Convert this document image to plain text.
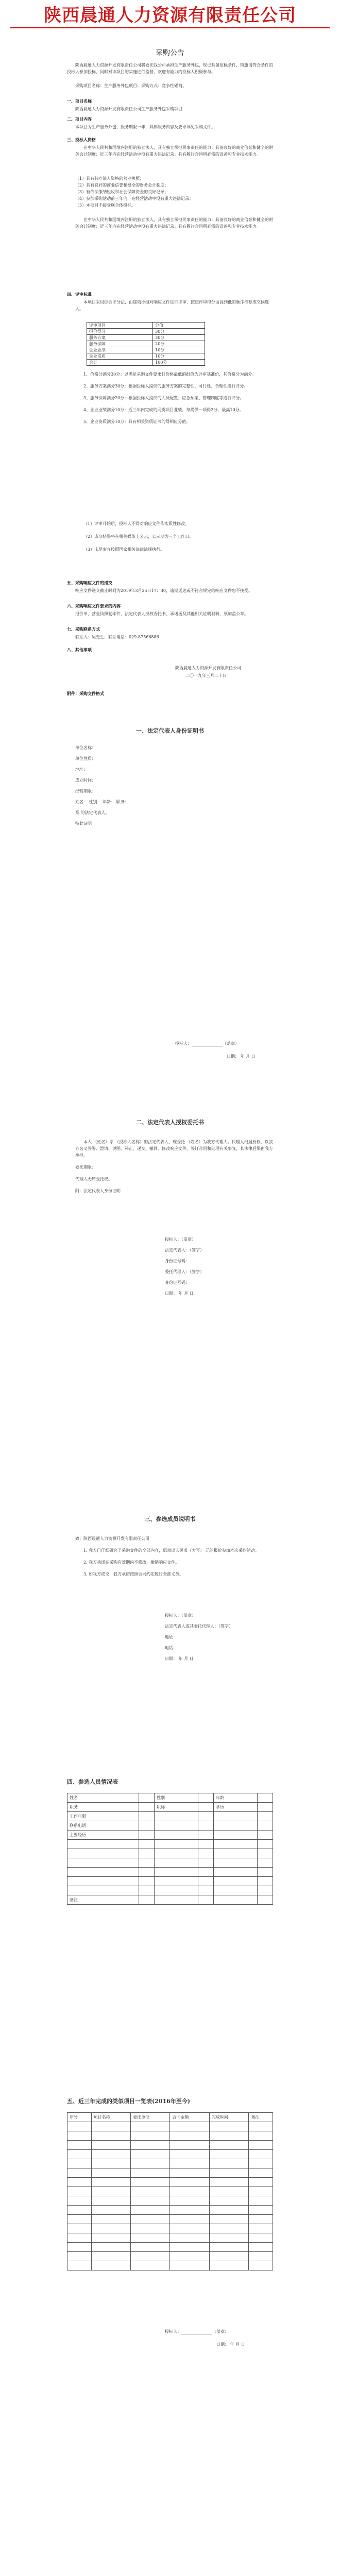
陕西晨通人力资源有限责任公司
采购公告
陕西晨通人力资源开发有限责任公司将委托我公司承担生产服务外包，现已具备招标条件，特邀请符合条件的投标人参加投标，同时对该项目的实施进行监督，欢迎有能力的投标人积极参与。
采购项目名称：生产服务外包项目；采购方式：竞争性磋商。
一、项目名称
陕西晨通人力资源开发有限责任公司生产服务外包采购项目
二、项目内容
本项目为生产服务外包，服务期限一年，具体服务内容及要求详见采购文件。
三、投标人资格
在中华人民共和国境内注册的独立法人，具有独立承担民事责任的能力；具备良好的商业信誉和健全的财务会计制度；近三年内在经营活动中没有重大违法记录；具有履行合同所必需的设备和专业技术能力。
（1）具有独立法人资格的营业执照；
（2）具有良好的商业信誉和健全的财务会计制度；
（3）有依法缴纳税收和社会保障资金的良好记录；
（4）参加采购活动前三年内，在经营活动中没有重大违法记录；
（5）本项目不接受联合体投标。
在中华人民共和国境内注册的独立法人，具有独立承担民事责任的能力；具备良好的商业信誉和健全的财务会计制度；近三年内在经营活动中没有重大违法记录；具有履行合同所必需的设备和专业技术能力。
四、评审标准
本项目采用综合评分法，由磋商小组对响应文件进行评审，按照评审得分由高到低的顺序推荐成交候选人。
评审项目	分值
报价得分	30分
服务方案	30分
服务保障	20分
企业业绩	10分
企业资质	10分
合计	100分
1、价格分满分30分：以满足采购文件要求且价格最低的报价为评审基准价，其价格分为满分。
2、服务方案满分30分：根据投标人提供的服务方案的完整性、可行性、合理性进行评分。
3、服务保障满分20分：根据投标人提供的人员配置、应急预案、管理制度等进行评分。
4、企业业绩满分10分：近三年内完成的同类项目业绩，每提供一项得2分，最高10分。
5、企业资质满分10分：具有相关资质证书的得相应分值。
（1）评审开始后，投标人不得对响应文件作实质性修改。
（2）成交结果将在相关媒体上公示，公示期为三个工作日。
（3）未尽事宜按照国家相关法律法规执行。
五、采购响应文件的递交
响应文件递交截止时间为2019年3月25日17：30，逾期送达或不符合规定的响应文件恕不接受。
六、采购响应文件要求的内容
报价单、营业执照复印件、法定代表人授权委托书、承诺函及其他相关证明材料，须加盖公章。
七、采购联系方式
联系人：吴先生；联系电话：029-87566886
八、其他事项
陕西晨通人力资源开发有限责任公司
二〇一九年三月二十日
附件：采购文件格式
一、法定代表人身份证明书
单位名称：
单位性质：
地址：
成立时间：
经营期限：
姓名： 性别： 年龄： 职务：
系 的法定代表人。
特此证明。
投标人：	（盖章）
日期： 年 月 日
二、法定代表人授权委托书
本人 （姓名）系 （投标人名称）的法定代表人，现委托 （姓名）为我方代理人。代理人根据授权，以我方名义签署、澄清、说明、补正、递交、撤回、修改响应文件，签订合同和处理有关事宜，其法律后果由我方承担。
委托期限：
代理人无转委托权。
附：法定代表人身份证明
投标人：（盖章）
法定代表人：（签字）
身份证号码：
委托代理人：（签字）
身份证号码：
日期： 年 月 日
三、参选成员说明书
致：陕西晨通人力资源开发有限责任公司
1. 我方已仔细研究了采购文件的全部内容，愿意以人民币（大写） 元的报价参加本次采购活动。
2. 我方承诺在采购有效期内不修改、撤销响应文件。
3. 如我方成交，我方承诺按照合同约定履行全部义务。
投标人：（盖章）
法定代表人或其委托代理人：（签字）
地址：
电话：
日期： 年 月 日
四、参选人员情况表
姓名		性别		年龄	
职务		职称		学历	
工作年限					
联系电话					
主要经历					

备注					
五、近三年完成的类似项目一览表(2016年至今)
序号	项目名称	委托单位	合同金额	完成时间	备注

投标人：	（盖章）
日期： 年 月 日
